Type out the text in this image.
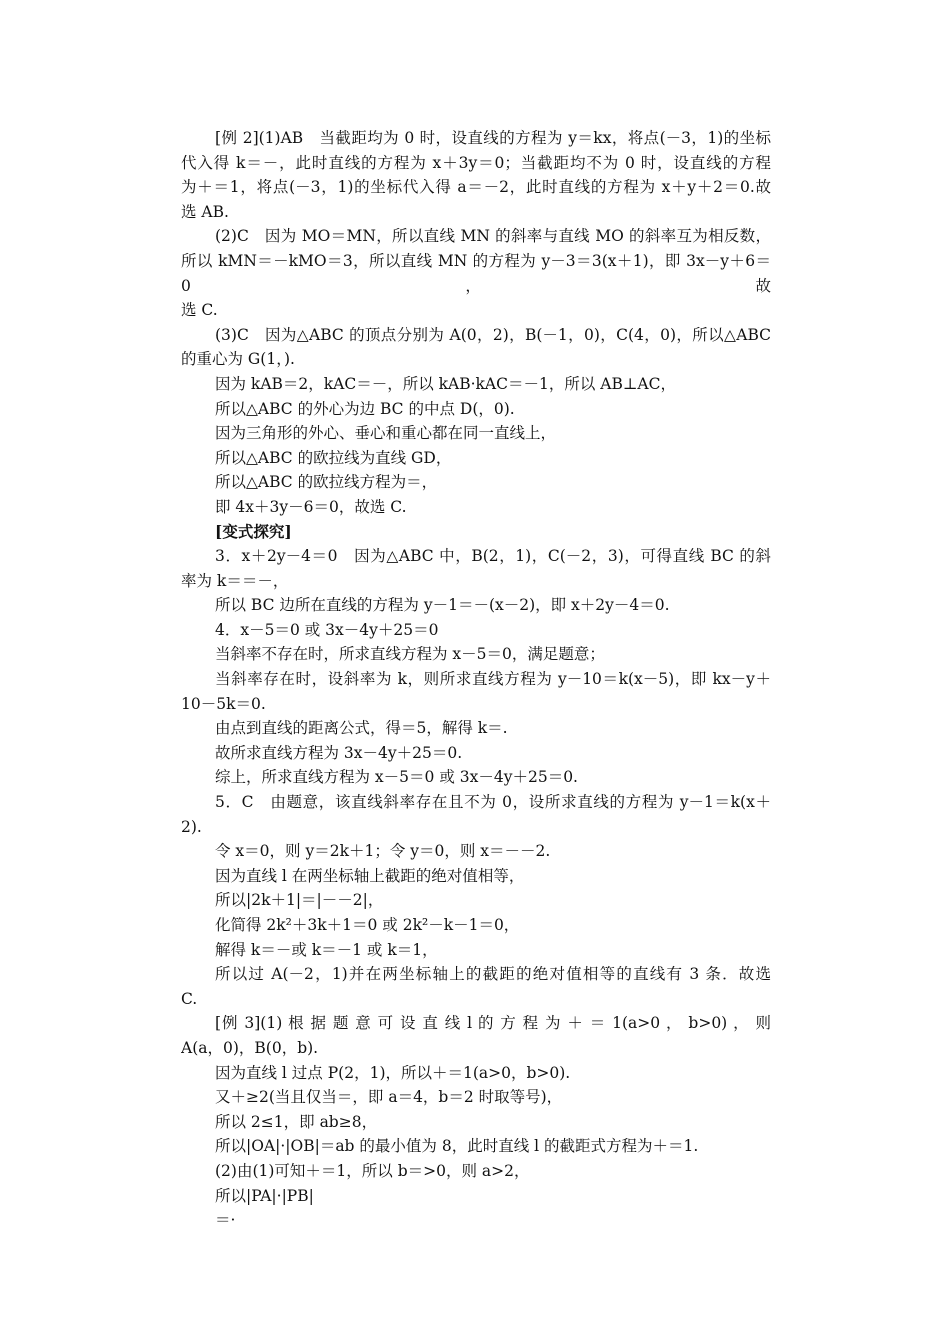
[例 2](1)AB　当截距均为 0 时，设直线的方程为 y＝kx，将点(－3，1)的坐标
代入得 k＝－，此时直线的方程为 x＋3y＝0；当截距均不为 0 时，设直线的方程
为＋＝1，将点(－3，1)的坐标代入得 a＝－2，此时直线的方程为 x＋y＋2＝0.故
选 AB.
(2)C　因为 MO＝MN，所以直线 MN 的斜率与直线 MO 的斜率互为相反数，
所以 kMN＝－kMO＝3，所以直线 MN 的方程为 y－3＝3(x＋1)，即 3x－y＋6＝0，故
选 C.
(3)C　因为△ABC 的顶点分别为 A(0，2)，B(－1，0)，C(4，0)，所以△ABC
的重心为 G(1，).
因为 kAB＝2，kAC＝－，所以 kAB·kAC＝－1，所以 AB⊥AC，
所以△ABC 的外心为边 BC 的中点 D(，0).
因为三角形的外心、垂心和重心都在同一直线上，
所以△ABC 的欧拉线为直线 GD，
所以△ABC 的欧拉线方程为＝，
即 4x＋3y－6＝0，故选 C.
[变式探究]
3．x＋2y－4＝0　因为△ABC 中，B(2，1)，C(－2，3)，可得直线 BC 的斜
率为 k＝＝－，
所以 BC 边所在直线的方程为 y－1＝－(x－2)，即 x＋2y－4＝0.
4．x－5＝0 或 3x－4y＋25＝0
当斜率不存在时，所求直线方程为 x－5＝0，满足题意；
当斜率存在时，设斜率为 k，则所求直线方程为 y－10＝k(x－5)，即 kx－y＋
10－5k＝0.
由点到直线的距离公式，得＝5，解得 k＝.
故所求直线方程为 3x－4y＋25＝0.
综上，所求直线方程为 x－5＝0 或 3x－4y＋25＝0.
5．C　由题意，该直线斜率存在且不为 0，设所求直线的方程为 y－1＝k(x＋
2).
令 x＝0，则 y＝2k＋1；令 y＝0，则 x＝－－2.
因为直线 l 在两坐标轴上截距的绝对值相等，
所以|2k＋1|＝|－－2|，
化简得 2k²＋3k＋1＝0 或 2k²－k－1＝0，
解得 k＝－或 k＝－1 或 k＝1，
所以过 A(－2，1)并在两坐标轴上的截距的绝对值相等的直线有 3 条．故选
C.
[例 3](1) 根 据 题 意 可 设 直 线 l 的 方 程 为 ＋ ＝ 1(a>0 ， b>0) ， 则
A(a，0)，B(0，b).
因为直线 l 过点 P(2，1)，所以＋＝1(a>0，b>0).
又＋≥2(当且仅当＝，即 a＝4，b＝2 时取等号)，
所以 2≤1，即 ab≥8，
所以|OA|·|OB|＝ab 的最小值为 8，此时直线 l 的截距式方程为＋＝1.
(2)由(1)可知＋＝1，所以 b＝>0，则 a>2，
所以|PA|·|PB|
＝·
